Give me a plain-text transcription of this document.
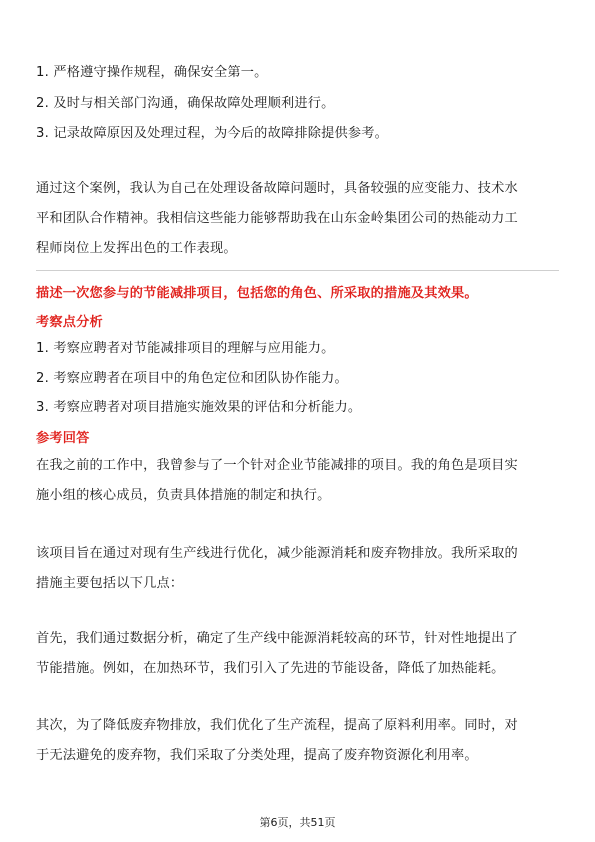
1. 严格遵守操作规程，确保安全第一。
2. 及时与相关部门沟通，确保故障处理顺利进行。
3. 记录故障原因及处理过程，为今后的故障排除提供参考。
通过这个案例，我认为自己在处理设备故障问题时，具备较强的应变能力、技术水
平和团队合作精神。我相信这些能力能够帮助我在山东金岭集团公司的热能动力工
程师岗位上发挥出色的工作表现。
描述一次您参与的节能减排项目，包括您的角色、所采取的措施及其效果。
考察点分析
1. 考察应聘者对节能减排项目的理解与应用能力。
2. 考察应聘者在项目中的角色定位和团队协作能力。
3. 考察应聘者对项目措施实施效果的评估和分析能力。
参考回答
在我之前的工作中，我曾参与了一个针对企业节能减排的项目。我的角色是项目实
施小组的核心成员，负责具体措施的制定和执行。
该项目旨在通过对现有生产线进行优化，减少能源消耗和废弃物排放。我所采取的
措施主要包括以下几点：
首先，我们通过数据分析，确定了生产线中能源消耗较高的环节，针对性地提出了
节能措施。例如，在加热环节，我们引入了先进的节能设备，降低了加热能耗。
其次，为了降低废弃物排放，我们优化了生产流程，提高了原料利用率。同时，对
于无法避免的废弃物，我们采取了分类处理，提高了废弃物资源化利用率。
第6页，共51页
